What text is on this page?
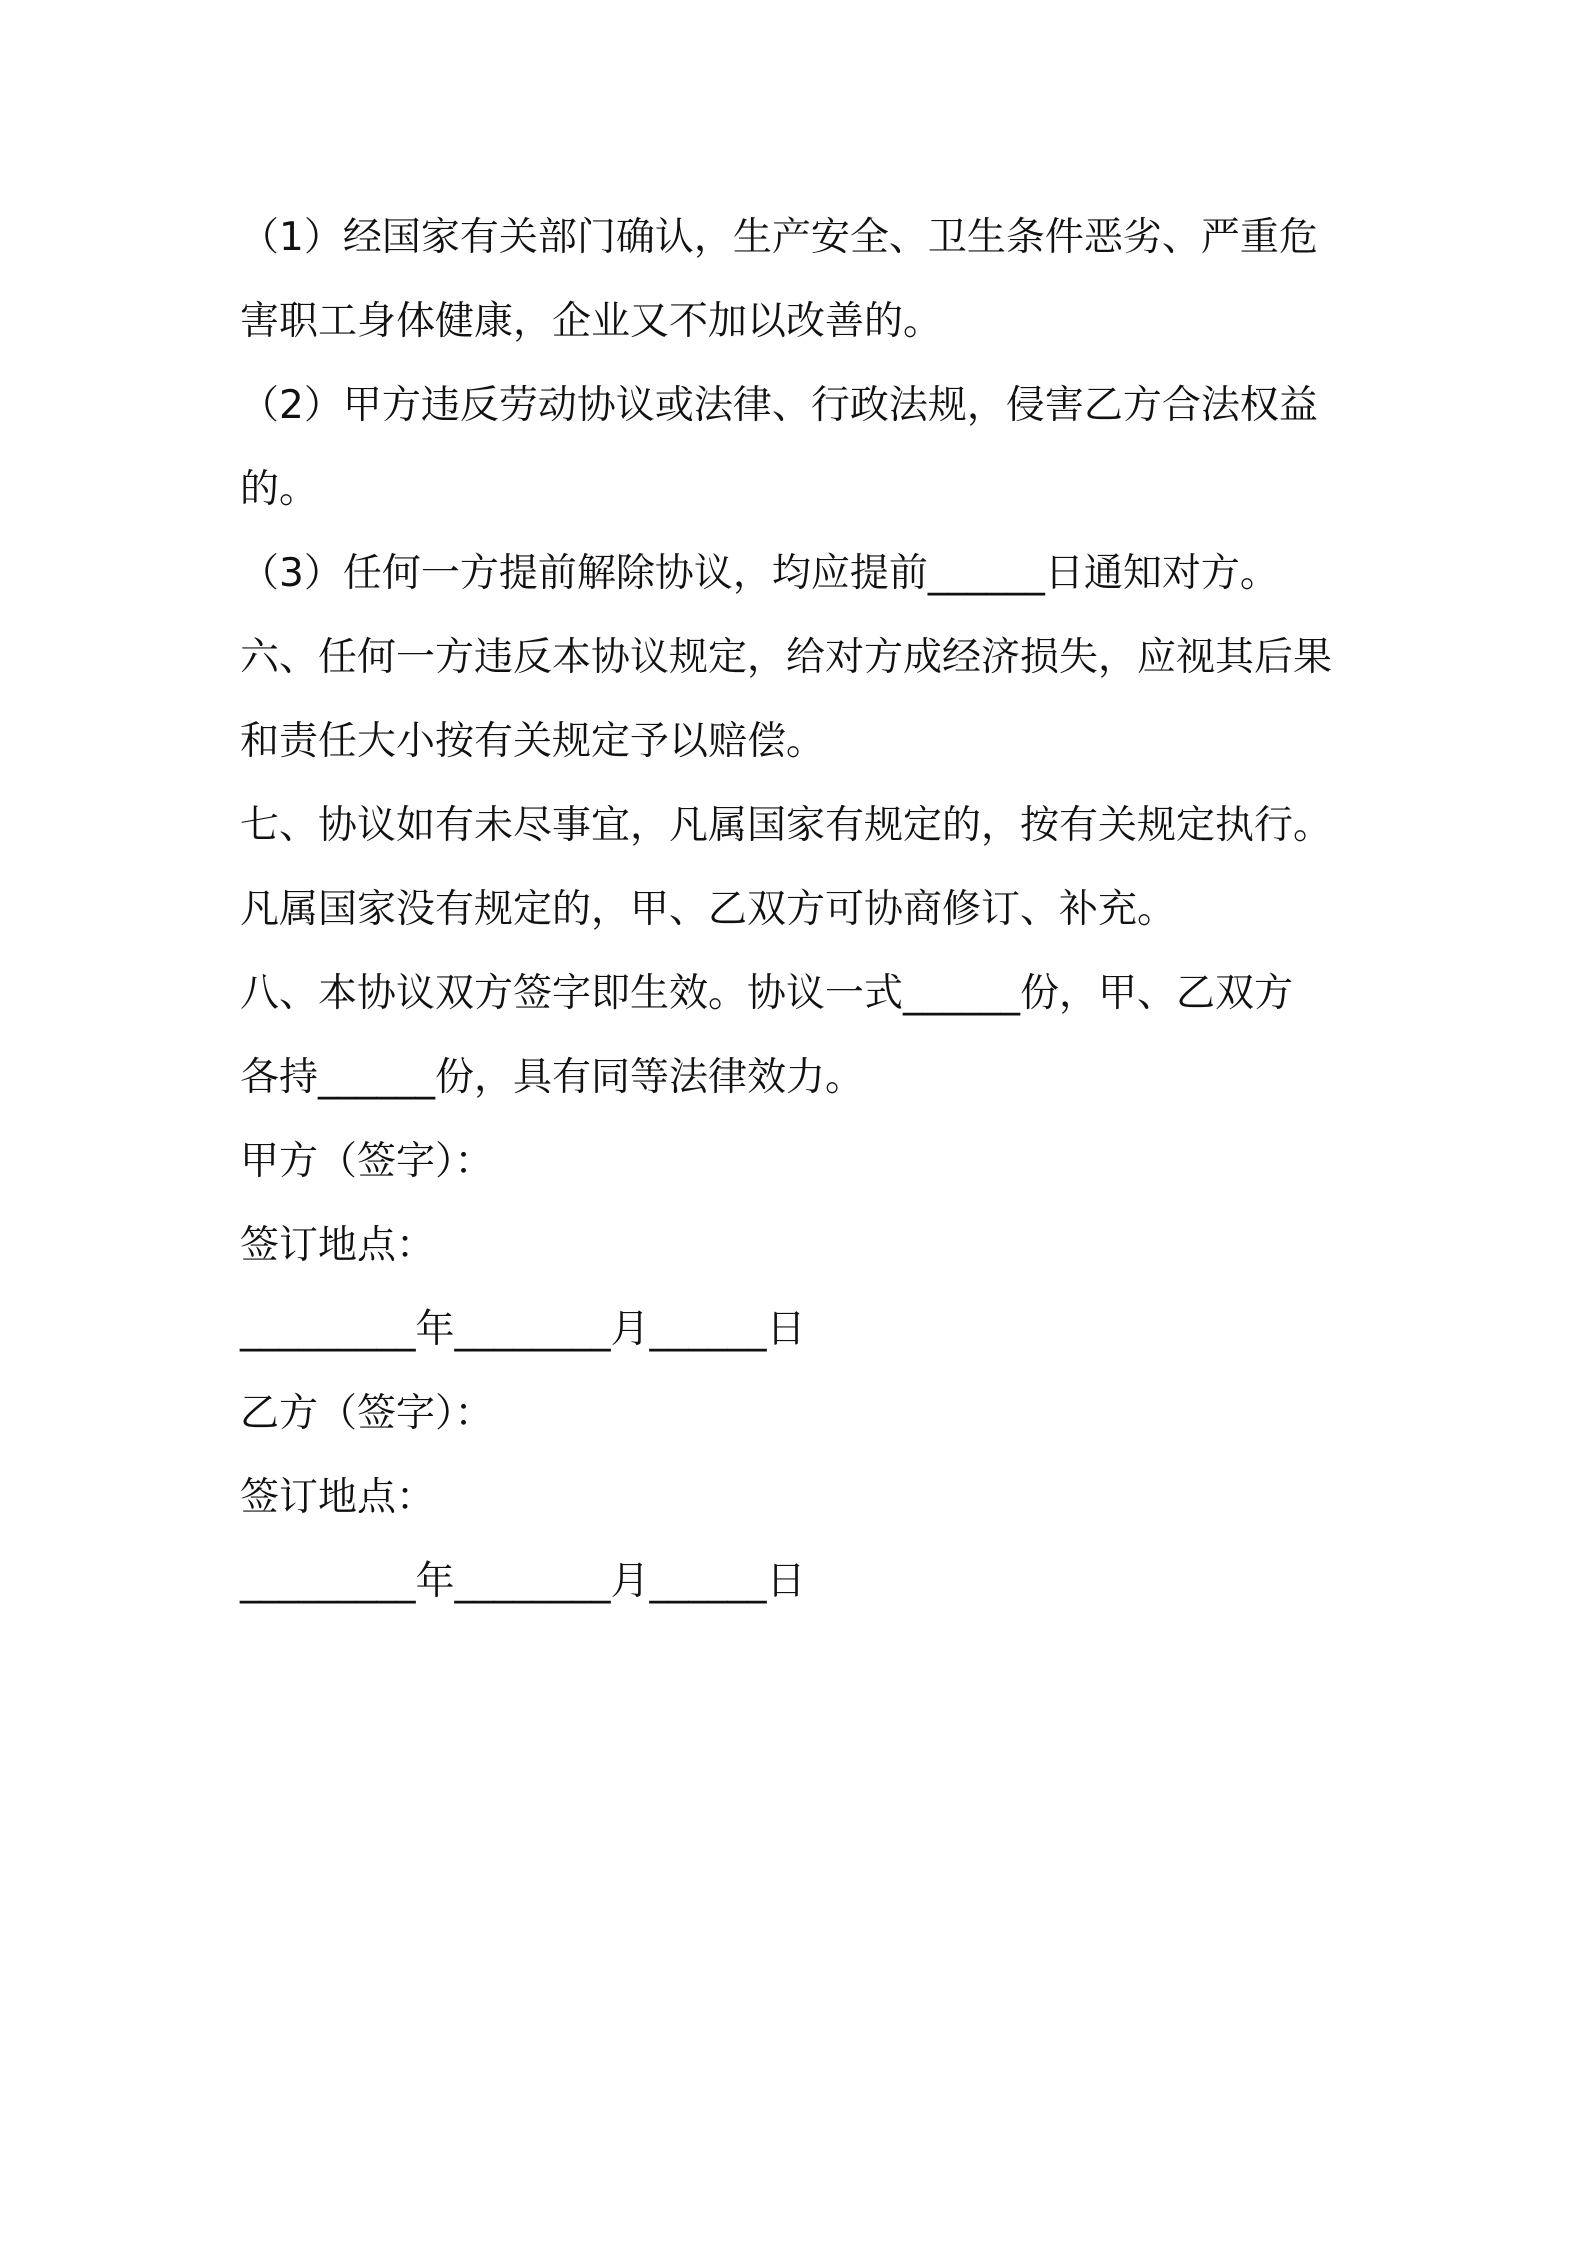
（1）经国家有关部门确认，生产安全、卫生条件恶劣、严重危
害职工身体健康，企业又不加以改善的。
（2）甲方违反劳动协议或法律、行政法规，侵害乙方合法权益
的。
（3）任何一方提前解除协议，均应提前______日通知对方。
六、任何一方违反本协议规定，给对方成经济损失，应视其后果
和责任大小按有关规定予以赔偿。
七、协议如有未尽事宜，凡属国家有规定的，按有关规定执行。
凡属国家没有规定的，甲、乙双方可协商修订、补充。
八、本协议双方签字即生效。协议一式______份，甲、乙双方
各持______份，具有同等法律效力。
甲方（签字）：
签订地点：
_________年________月______日
乙方（签字）：
签订地点：
_________年________月______日
